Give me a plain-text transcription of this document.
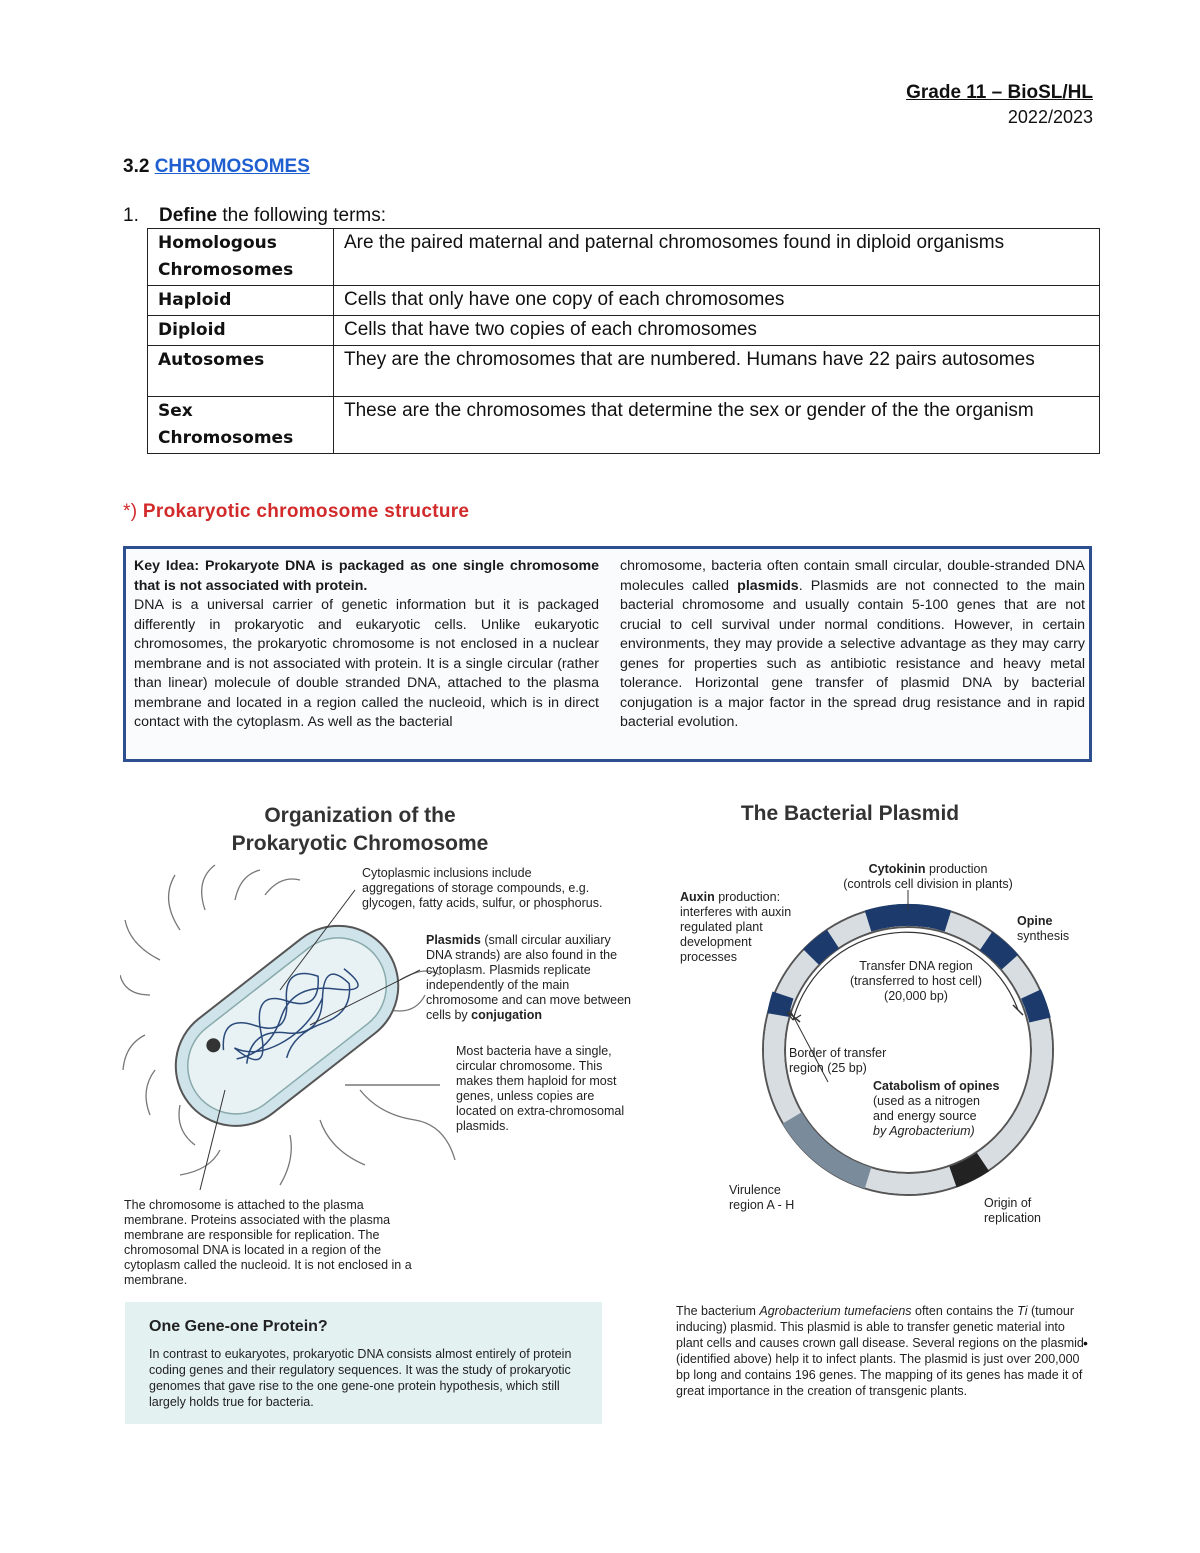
Grade 11 – BioSL/HL
2022/2023
3.2 CHROMOSOMES
1. Define the following terms:
Homologous Chromosomes	Are the paired maternal and paternal chromosomes found in diploid organisms
Haploid	Cells that only have one copy of each chromosomes
Diploid	Cells that have two copies of each chromosomes
Autosomes	They are the chromosomes that are numbered. Humans have 22 pairs autosomes
Sex Chromosomes	These are the chromosomes that determine the sex or gender of the the organism
*) Prokaryotic chromosome structure
Key Idea: Prokaryote DNA is packaged as one single chromosome that is not associated with protein.
DNA is a universal carrier of genetic information but it is packaged differently in prokaryotic and eukaryotic cells. Unlike eukaryotic chromosomes, the prokaryotic chromosome is not enclosed in a nuclear membrane and is not associated with protein. It is a single circular (rather than linear) molecule of double stranded DNA, attached to the plasma membrane and located in a region called the nucleoid, which is in direct contact with the cytoplasm. As well as the bacterial
chromosome, bacteria often contain small circular, double-stranded DNA molecules called plasmids. Plasmids are not connected to the main bacterial chromosome and usually contain 5-100 genes that are not crucial to cell survival under normal conditions. However, in certain environments, they may provide a selective advantage as they may carry genes for properties such as antibiotic resistance and heavy metal tolerance. Horizontal gene transfer of plasmid DNA by bacterial conjugation is a major factor in the spread drug resistance and in rapid bacterial evolution.
Organization of the
Prokaryotic Chromosome
Cytoplasmic inclusions include aggregations of storage compounds, e.g. glycogen, fatty acids, sulfur, or phosphorus.
Plasmids (small circular auxiliary DNA strands) are also found in the cytoplasm. Plasmids replicate independently of the main chromosome and can move between cells by conjugation
Most bacteria have a single, circular chromosome. This makes them haploid for most genes, unless copies are located on extra-chromosomal plasmids.
The chromosome is attached to the plasma membrane. Proteins associated with the plasma membrane are responsible for replication. The chromosomal DNA is located in a region of the cytoplasm called the nucleoid. It is not enclosed in a membrane.
The Bacterial Plasmid
Cytokinin production
(controls cell division in plants)
Auxin production: interferes with auxin regulated plant development processes
Opine
synthesis
Transfer DNA region
(transferred to host cell)
(20,000 bp)
Border of transfer
region (25 bp)
Catabolism of opines
(used as a nitrogen
and energy source
by Agrobacterium)
Virulence
region A - H	Origin of
replication
One Gene-one Protein?
In contrast to eukaryotes, prokaryotic DNA consists almost entirely of protein coding genes and their regulatory sequences. It was the study of prokaryotic genomes that gave rise to the one gene-one protein hypothesis, which still largely holds true for bacteria.
The bacterium Agrobacterium tumefaciens often contains the Ti (tumour inducing) plasmid. This plasmid is able to transfer genetic material into plant cells and causes crown gall disease. Several regions on the plasmid (identified above) help it to infect plants. The plasmid is just over 200,000 bp long and contains 196 genes. The mapping of its genes has made it of great importance in the creation of transgenic plants.
•
